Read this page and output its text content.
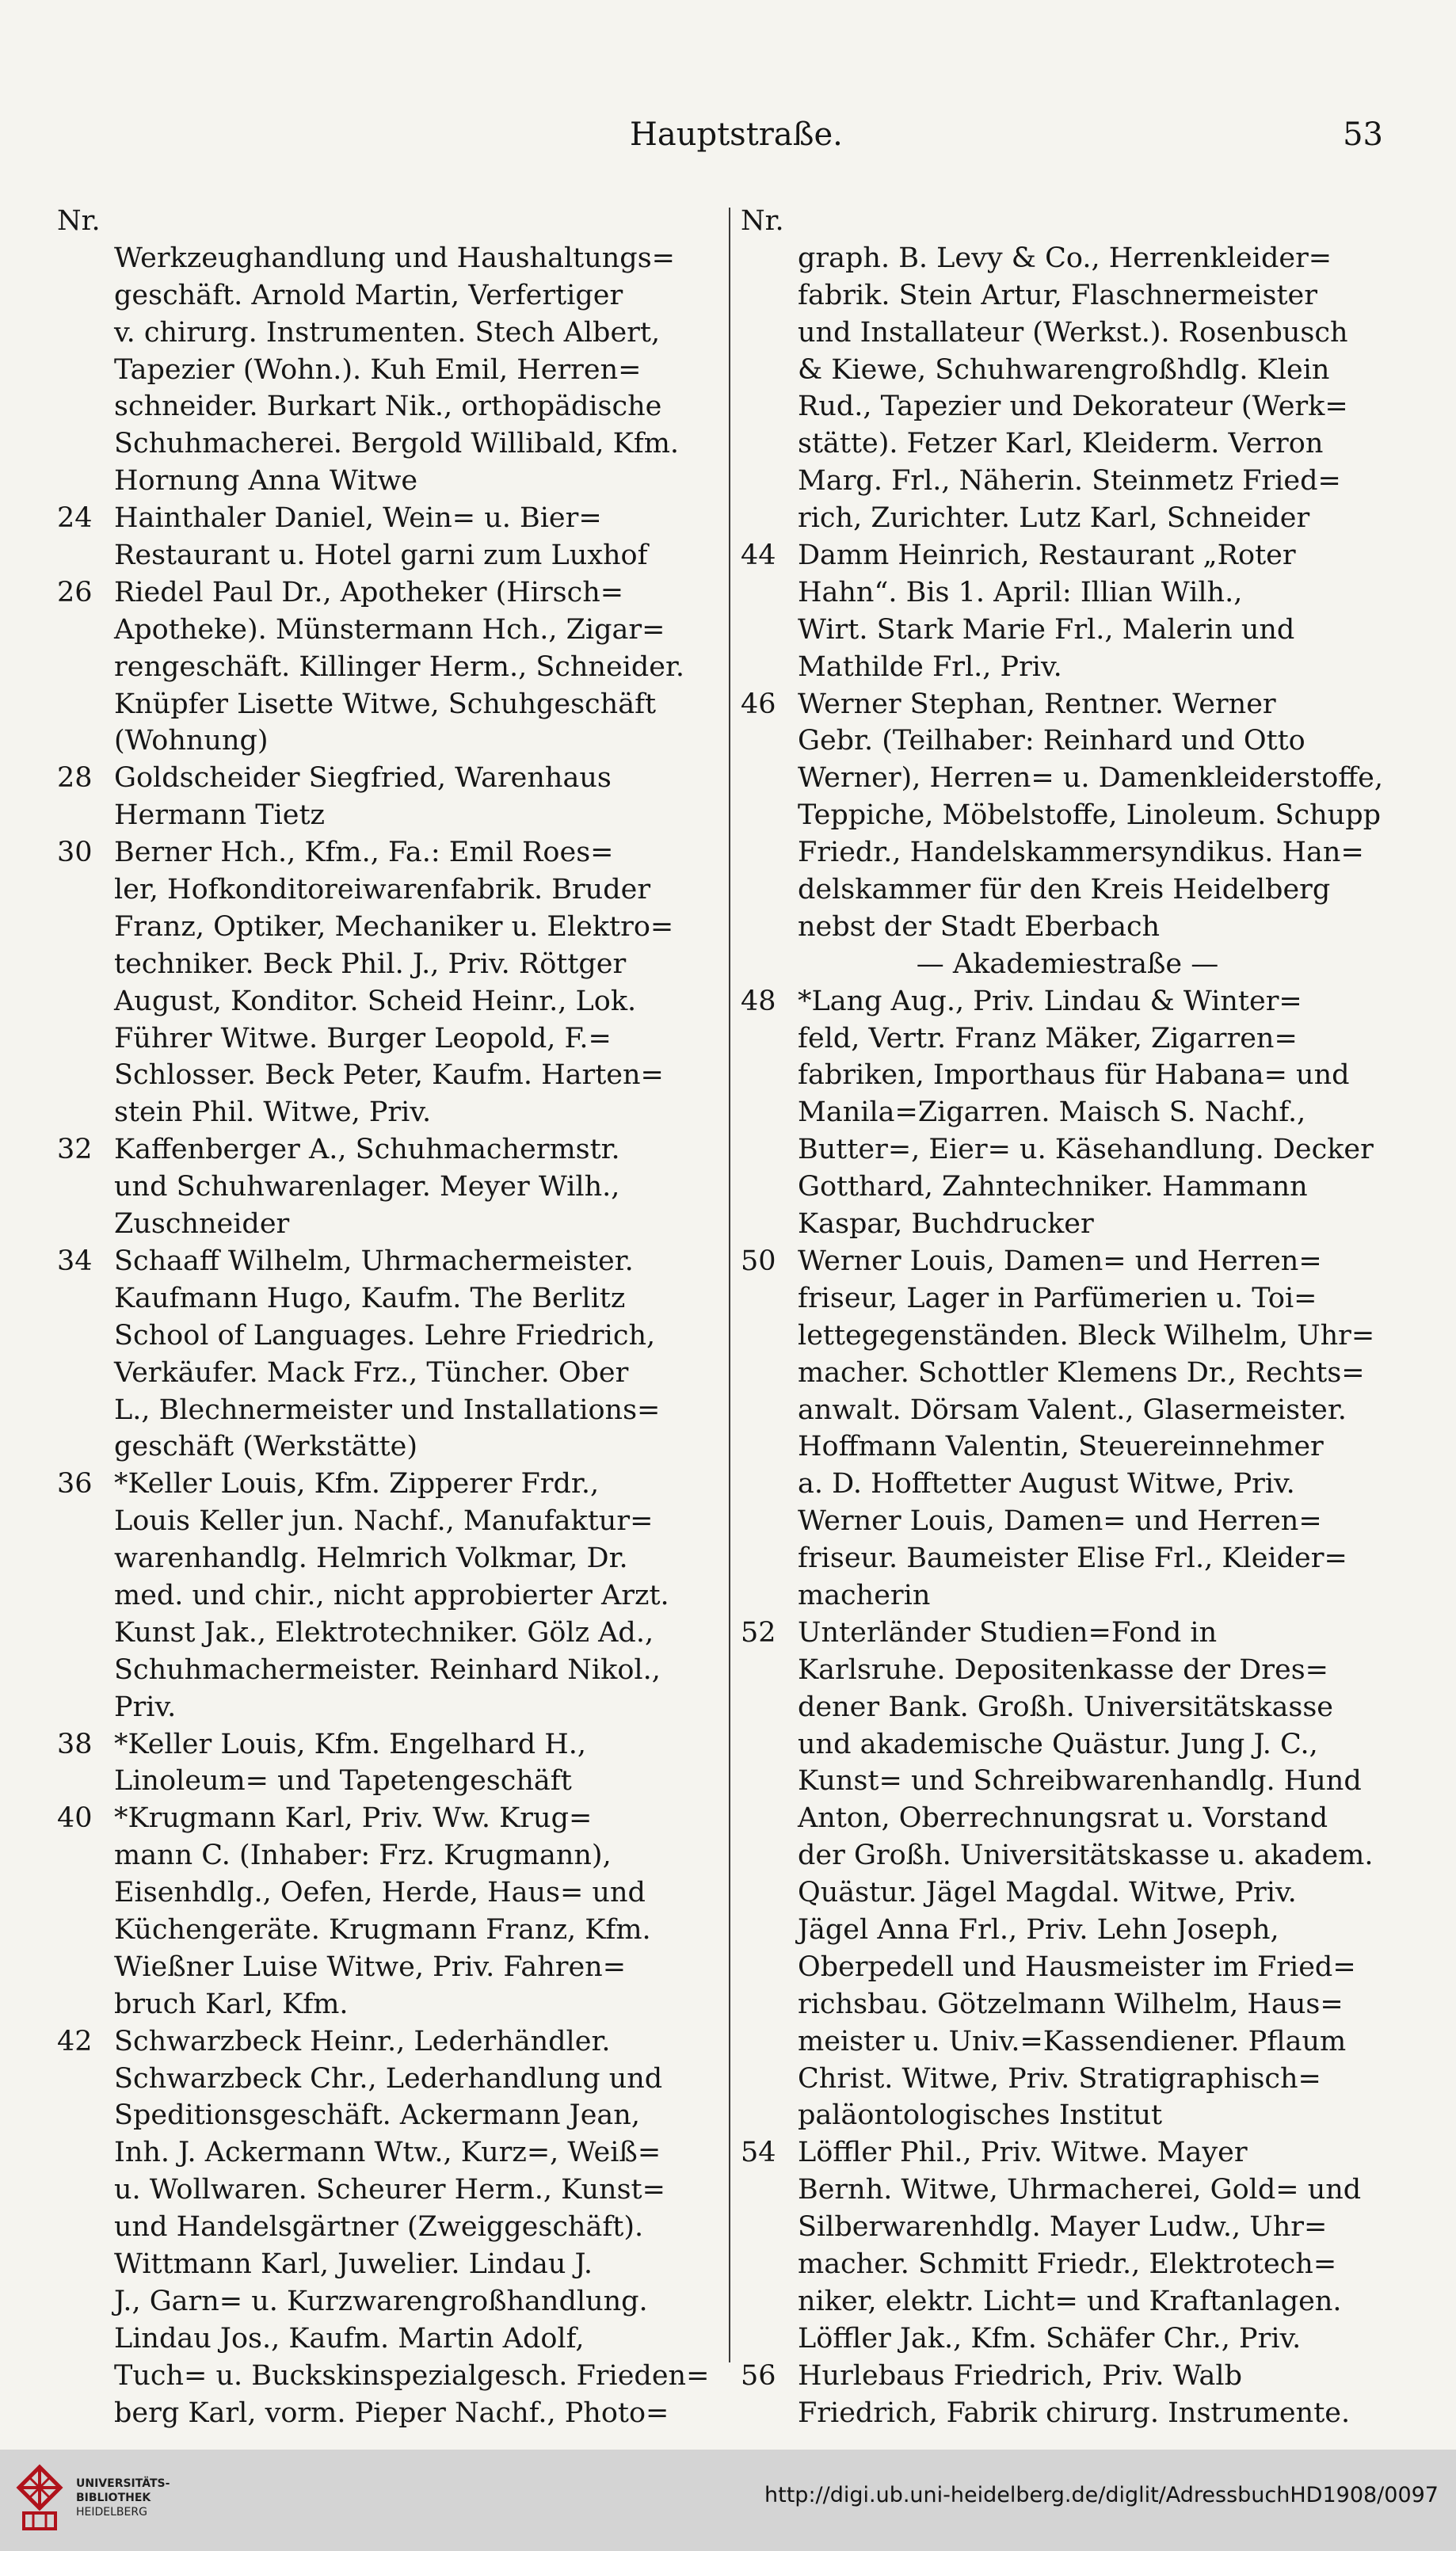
Hauptstraße.	53
Nr.
Werkzeughandlung und Haushaltungs=
geschäft. Arnold Martin, Verfertiger
v. chirurg. Instrumenten. Stech Albert,
Tapezier (Wohn.). Kuh Emil, Herren=
schneider. Burkart Nik., orthopädische
Schuhmacherei. Bergold Willibald, Kfm.
Hornung Anna Witwe
24 Hainthaler Daniel, Wein= u. Bier=
Restaurant u. Hotel garni zum Luxhof
26 Riedel Paul Dr., Apotheker (Hirsch=
Apotheke). Münstermann Hch., Zigar=
rengeschäft. Killinger Herm., Schneider.
Knüpfer Lisette Witwe, Schuhgeschäft
(Wohnung)
28 Goldscheider Siegfried, Warenhaus
Hermann Tietz
30 Berner Hch., Kfm., Fa.: Emil Roes=
ler, Hofkonditoreiwarenfabrik. Bruder
Franz, Optiker, Mechaniker u. Elektro=
techniker. Beck Phil. J., Priv. Röttger
August, Konditor. Scheid Heinr., Lok.
Führer Witwe. Burger Leopold, F.=
Schlosser. Beck Peter, Kaufm. Harten=
stein Phil. Witwe, Priv.
32 Kaffenberger A., Schuhmachermstr.
und Schuhwarenlager. Meyer Wilh.,
Zuschneider
34 Schaaff Wilhelm, Uhrmachermeister.
Kaufmann Hugo, Kaufm. The Berlitz
School of Languages. Lehre Friedrich,
Verkäufer. Mack Frz., Tüncher. Ober
L., Blechnermeister und Installations=
geschäft (Werkstätte)
36 *Keller Louis, Kfm. Zipperer Frdr.,
Louis Keller jun. Nachf., Manufaktur=
warenhandlg. Helmrich Volkmar, Dr.
med. und chir., nicht approbierter Arzt.
Kunst Jak., Elektrotechniker. Gölz Ad.,
Schuhmachermeister. Reinhard Nikol.,
Priv.
38 *Keller Louis, Kfm. Engelhard H.,
Linoleum= und Tapetengeschäft
40 *Krugmann Karl, Priv. Ww. Krug=
mann C. (Inhaber: Frz. Krugmann),
Eisenhdlg., Oefen, Herde, Haus= und
Küchengeräte. Krugmann Franz, Kfm.
Wießner Luise Witwe, Priv. Fahren=
bruch Karl, Kfm.
42 Schwarzbeck Heinr., Lederhändler.
Schwarzbeck Chr., Lederhandlung und
Speditionsgeschäft. Ackermann Jean,
Inh. J. Ackermann Wtw., Kurz=, Weiß=
u. Wollwaren. Scheurer Herm., Kunst=
und Handelsgärtner (Zweiggeschäft).
Wittmann Karl, Juwelier. Lindau J.
J., Garn= u. Kurzwarengroßhandlung.
Lindau Jos., Kaufm. Martin Adolf,
Tuch= u. Buckskinspezialgesch. Frieden=
berg Karl, vorm. Pieper Nachf., Photo=
Nr.
graph. B. Levy & Co., Herrenkleider=
fabrik. Stein Artur, Flaschnermeister
und Installateur (Werkst.). Rosenbusch
& Kiewe, Schuhwarengroßhdlg. Klein
Rud., Tapezier und Dekorateur (Werk=
stätte). Fetzer Karl, Kleiderm. Verron
Marg. Frl., Näherin. Steinmetz Fried=
rich, Zurichter. Lutz Karl, Schneider
44 Damm Heinrich, Restaurant „Roter
Hahn“. Bis 1. April: Illian Wilh.,
Wirt. Stark Marie Frl., Malerin und
Mathilde Frl., Priv.
46 Werner Stephan, Rentner. Werner
Gebr. (Teilhaber: Reinhard und Otto
Werner), Herren= u. Damenkleiderstoffe,
Teppiche, Möbelstoffe, Linoleum. Schupp
Friedr., Handelskammersyndikus. Han=
delskammer für den Kreis Heidelberg
nebst der Stadt Eberbach
— Akademiestraße —
48 *Lang Aug., Priv. Lindau & Winter=
feld, Vertr. Franz Mäker, Zigarren=
fabriken, Importhaus für Habana= und
Manila=Zigarren. Maisch S. Nachf.,
Butter=, Eier= u. Käsehandlung. Decker
Gotthard, Zahntechniker. Hammann
Kaspar, Buchdrucker
50 Werner Louis, Damen= und Herren=
friseur, Lager in Parfümerien u. Toi=
lettegegenständen. Bleck Wilhelm, Uhr=
macher. Schottler Klemens Dr., Rechts=
anwalt. Dörsam Valent., Glasermeister.
Hoffmann Valentin, Steuereinnehmer
a. D. Hofftetter August Witwe, Priv.
Werner Louis, Damen= und Herren=
friseur. Baumeister Elise Frl., Kleider=
macherin
52 Unterländer Studien=Fond in
Karlsruhe. Depositenkasse der Dres=
dener Bank. Großh. Universitätskasse
und akademische Quästur. Jung J. C.,
Kunst= und Schreibwarenhandlg. Hund
Anton, Oberrechnungsrat u. Vorstand
der Großh. Universitätskasse u. akadem.
Quästur. Jägel Magdal. Witwe, Priv.
Jägel Anna Frl., Priv. Lehn Joseph,
Oberpedell und Hausmeister im Fried=
richsbau. Götzelmann Wilhelm, Haus=
meister u. Univ.=Kassendiener. Pflaum
Christ. Witwe, Priv. Stratigraphisch=
paläontologisches Institut
54 Löffler Phil., Priv. Witwe. Mayer
Bernh. Witwe, Uhrmacherei, Gold= und
Silberwarenhdlg. Mayer Ludw., Uhr=
macher. Schmitt Friedr., Elektrotech=
niker, elektr. Licht= und Kraftanlagen.
Löffler Jak., Kfm. Schäfer Chr., Priv.
56 Hurlebaus Friedrich, Priv. Walb
Friedrich, Fabrik chirurg. Instrumente.
UNIVERSITÄTS-
BIBLIOTHEK
HEIDELBERG
http://digi.ub.uni-heidelberg.de/diglit/AdressbuchHD1908/0097
